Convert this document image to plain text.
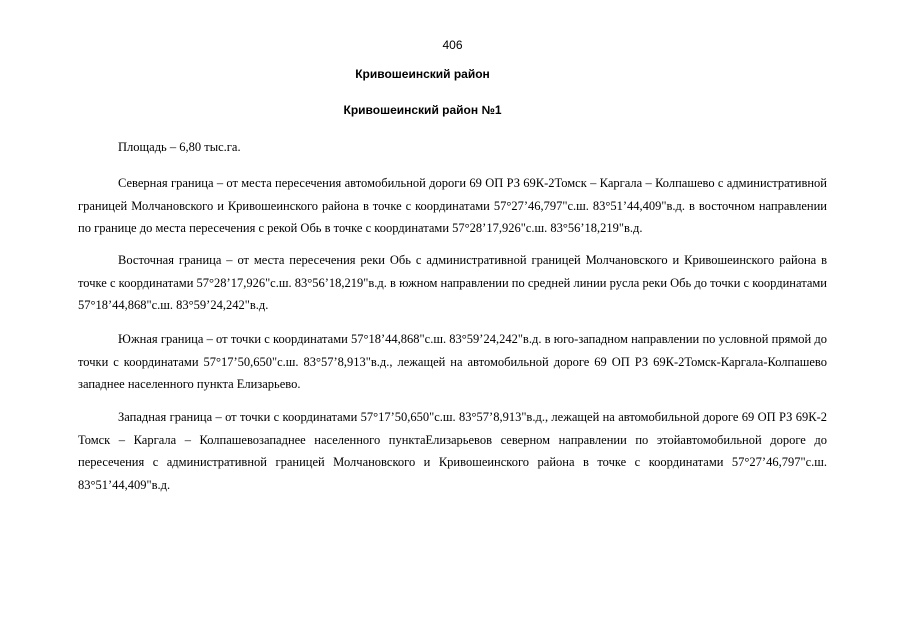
406
Кривошеинский район
Кривошеинский район №1

Площадь – 6,80 тыс.га.

Северная граница – от места пересечения автомобильной дороги 69 ОП РЗ 69К-2Томск – Каргала – Колпашево с административной границей Молчановского и Кривошеинского района в точке с координатами 57°27’46,797"с.ш. 83°51’44,409"в.д. в восточном направлении по границе до места пересечения с рекой Обь в точке с координатами 57°28’17,926"с.ш. 83°56’18,219"в.д.

Восточная граница – от места пересечения реки Обь с административной границей Молчановского и Кривошеинского района в точке с координатами 57°28’17,926"с.ш. 83°56’18,219"в.д. в южном направлении по средней линии русла реки Обь до точки с координатами 57°18’44,868"с.ш. 83°59’24,242"в.д.

Южная граница – от точки с координатами 57°18’44,868"с.ш. 83°59’24,242"в.д. в юго-западном направлении по условной прямой до точки с координатами 57°17’50,650"с.ш. 83°57’8,913"в.д., лежащей на автомобильной дороге 69 ОП РЗ 69К-2Томск-Каргала-Колпашево западнее населенного пункта Елизарьево.

Западная граница – от точки с координатами 57°17’50,650"с.ш. 83°57’8,913"в.д., лежащей на автомобильной дороге 69 ОП РЗ 69К-2 Томск – Каргала – Колпашевозападнее населенного пунктаЕлизарьевов северном направлении по этойавтомобильной дороге до пересечения с административной границей Молчановского и Кривошеинского района в точке с координатами 57°27’46,797"с.ш. 83°51’44,409"в.д.
